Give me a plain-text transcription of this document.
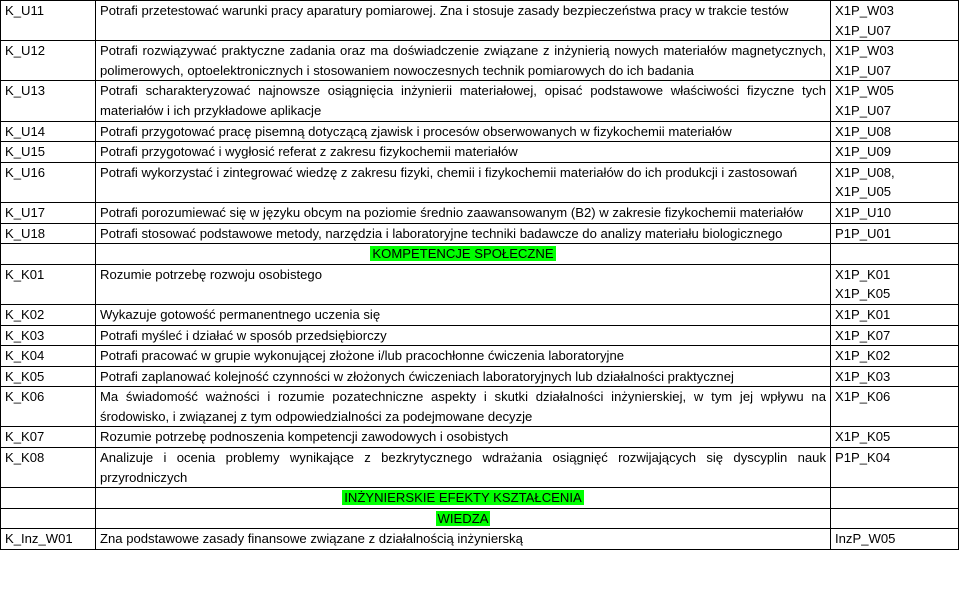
K_U11	Potrafi przetestować warunki pracy aparatury pomiarowej. Zna i stosuje zasady bezpieczeństwa pracy w trakcie testów	X1P_W03
X1P_U07

K_U12	Potrafi rozwiązywać praktyczne zadania oraz ma doświadczenie związane z inżynierią nowych materiałów magnetycznych, polimerowych, optoelektronicznych i stosowaniem nowoczesnych technik pomiarowych do ich badania	X1P_W03
X1P_U07

K_U13	Potrafi scharakteryzować najnowsze osiągnięcia inżynierii materiałowej, opisać podstawowe właściwości fizyczne tych materiałów i ich przykładowe aplikacje	X1P_W05
X1P_U07

K_U14	Potrafi przygotować pracę pisemną dotyczącą zjawisk i procesów obserwowanych w fizykochemii materiałów	X1P_U08

K_U15	Potrafi przygotować i wygłosić referat z zakresu fizykochemii materiałów	X1P_U09

K_U16	Potrafi wykorzystać i zintegrować wiedzę z zakresu fizyki, chemii i fizykochemii materiałów do ich produkcji i zastosowań	X1P_U08,
X1P_U05

K_U17	Potrafi porozumiewać się w języku obcym na poziomie średnio zaawansowanym (B2) w zakresie fizykochemii materiałów	X1P_U10

K_U18	Potrafi stosować podstawowe metody, narzędzia i laboratoryjne techniki badawcze do analizy materiału biologicznego	P1P_U01

	KOMPETENCJE SPOŁECZNE	
K_K01	Rozumie potrzebę rozwoju osobistego	X1P_K01
X1P_K05

K_K02	Wykazuje gotowość permanentnego uczenia się	X1P_K01

K_K03	Potrafi myśleć i działać w sposób przedsiębiorczy	X1P_K07

K_K04	Potrafi pracować w grupie wykonującej złożone i/lub pracochłonne ćwiczenia laboratoryjne	X1P_K02

K_K05	Potrafi zaplanować kolejność czynności w złożonych ćwiczeniach laboratoryjnych lub działalności praktycznej	X1P_K03

K_K06	Ma świadomość ważności i rozumie pozatechniczne aspekty i skutki działalności inżynierskiej, w tym jej wpływu na środowisko, i związanej z tym odpowiedzialności za podejmowane decyzje	X1P_K06

K_K07	Rozumie potrzebę podnoszenia kompetencji zawodowych i osobistych	X1P_K05

K_K08	Analizuje i ocenia problemy wynikające z bezkrytycznego wdrażania osiągnięć rozwijających się dyscyplin nauk przyrodniczych	P1P_K04

	INŻYNIERSKIE EFEKTY KSZTAŁCENIA	
	WIEDZA	
K_Inz_W01	Zna podstawowe zasady finansowe związane z działalnością inżynierską	InzP_W05
